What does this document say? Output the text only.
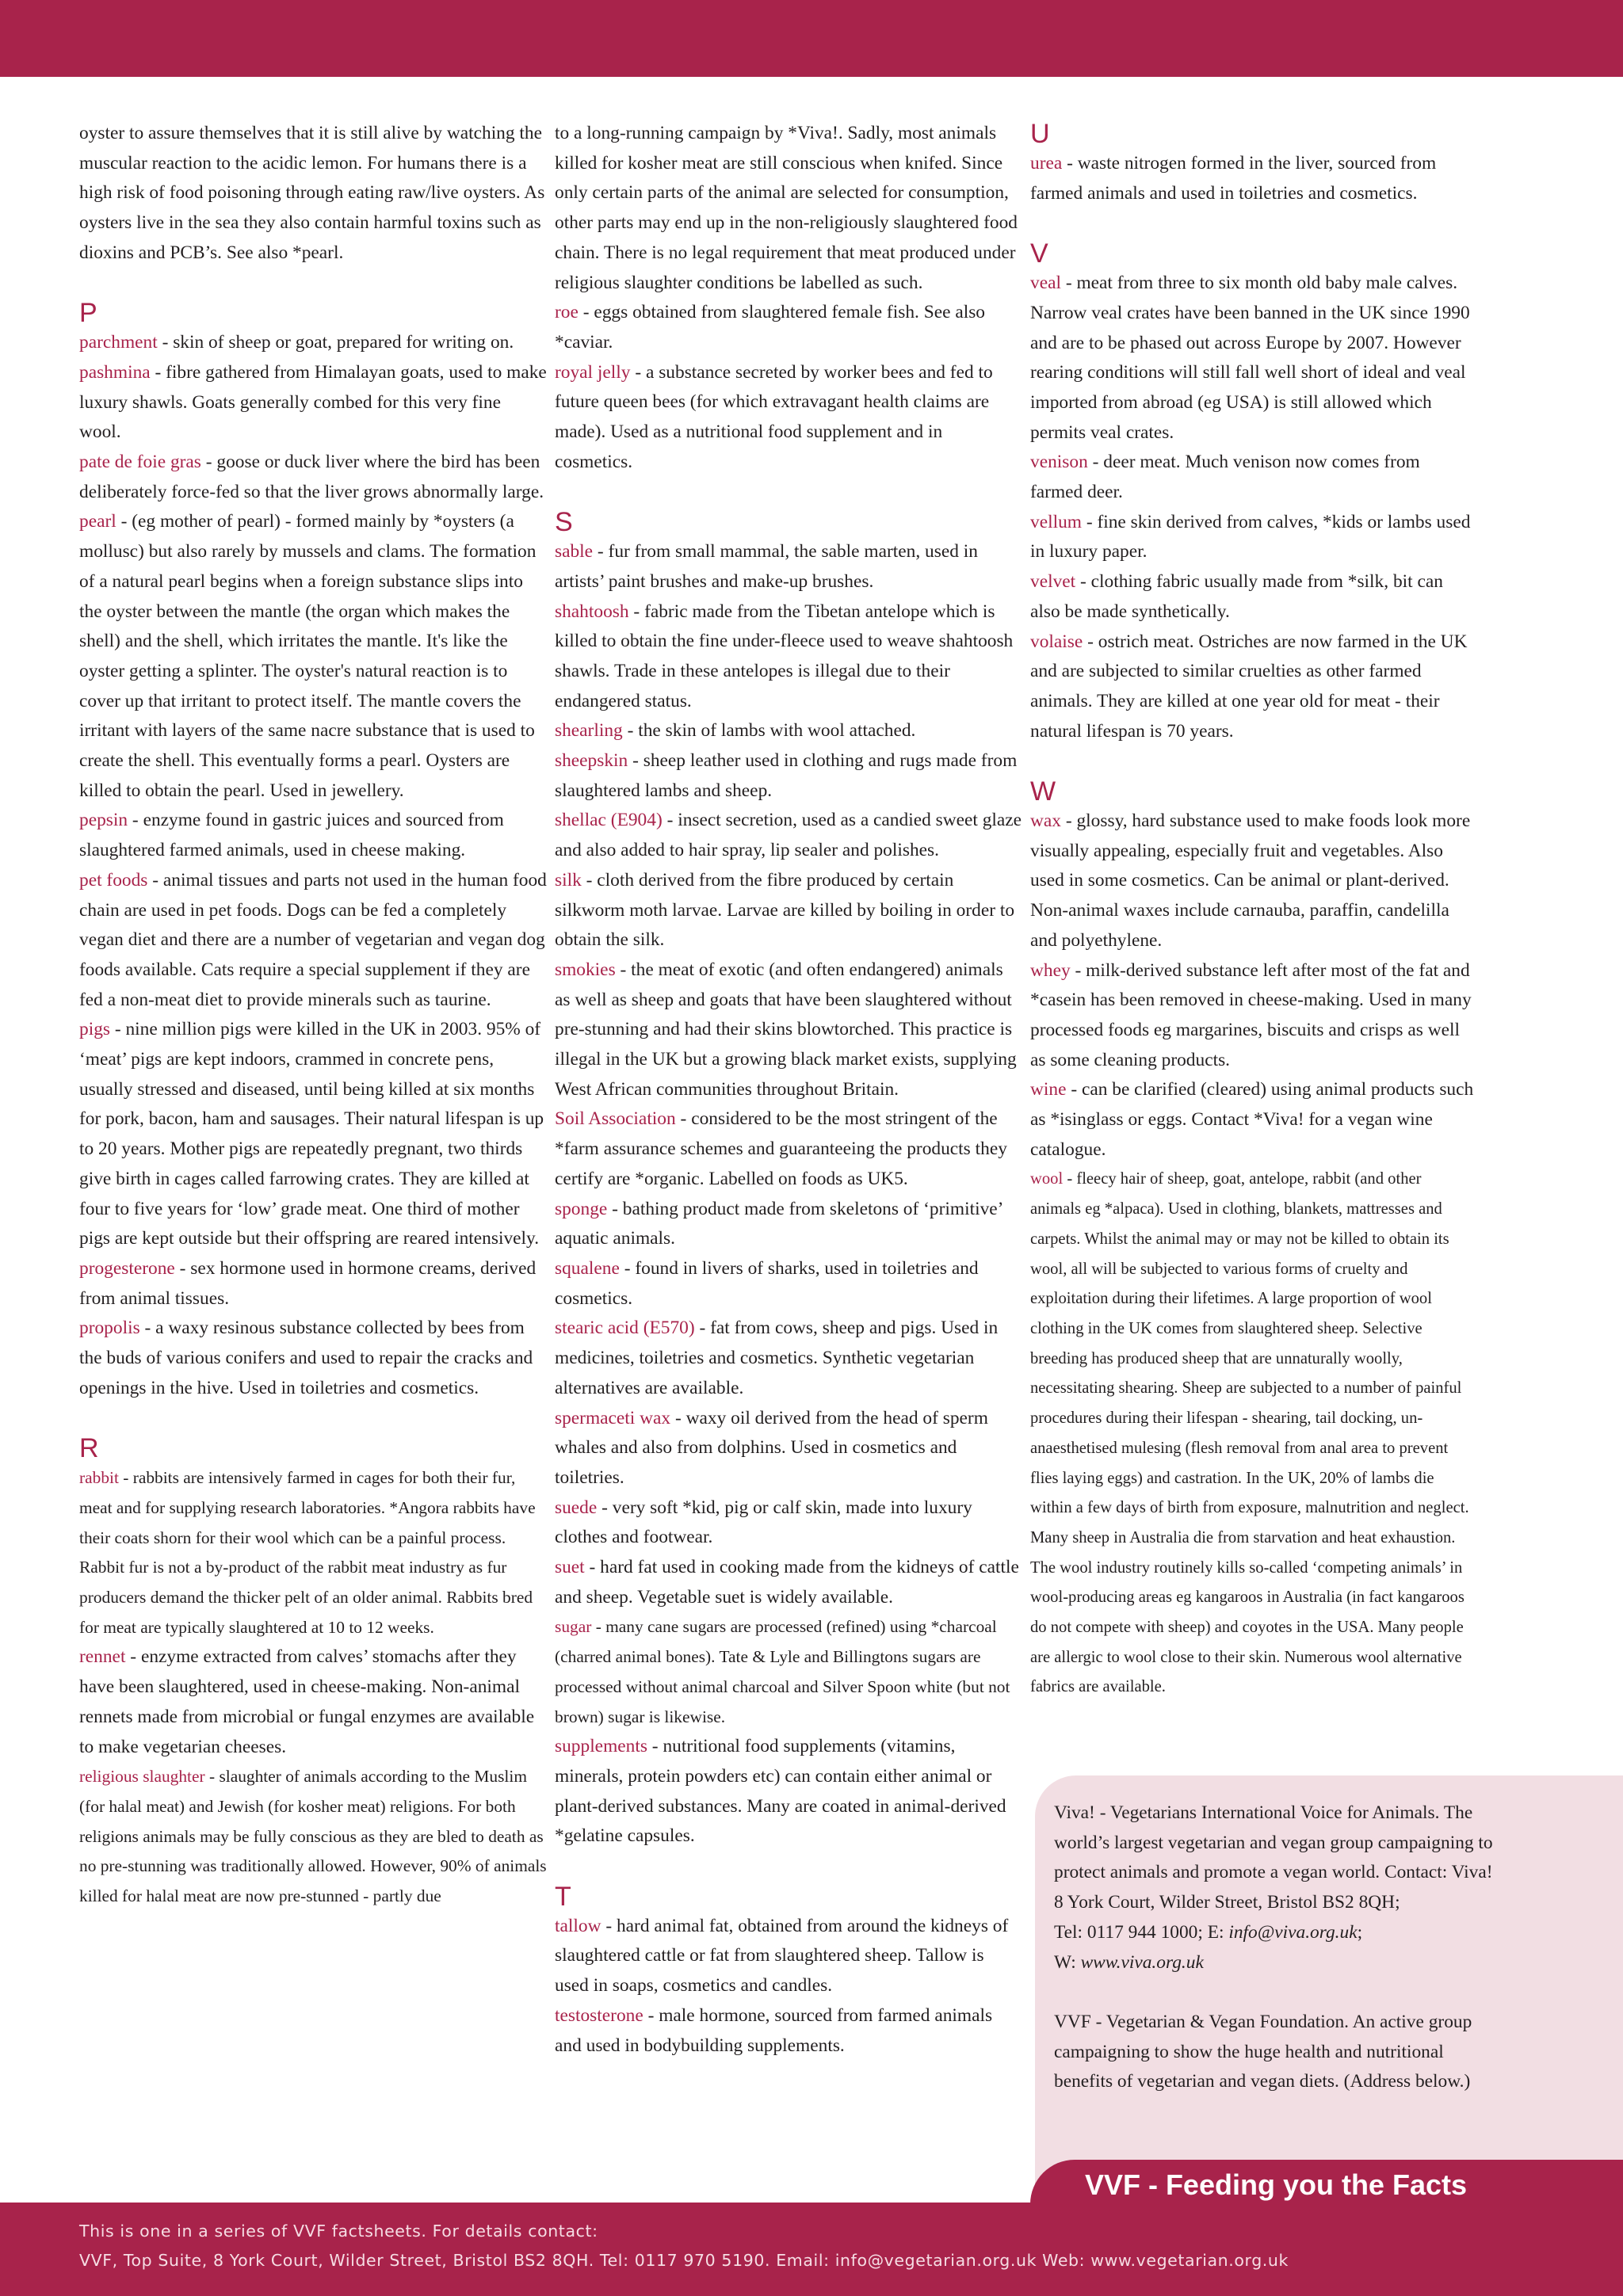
oyster to assure themselves that it is still alive by watching the muscular reaction to the acidic lemon. For humans there is a high risk of food poisoning through eating raw/live oysters. As oysters live in the sea they also contain harmful toxins such as dioxins and PCB’s. See also *pearl.

P

parchment - skin of sheep or goat, prepared for writing on.

pashmina - fibre gathered from Himalayan goats, used to make luxury shawls. Goats generally combed for this very fine wool.

pate de foie gras - goose or duck liver where the bird has been deliberately force-fed so that the liver grows abnormally large.

pearl - (eg mother of pearl) - formed mainly by *oysters (a mollusc) but also rarely by mussels and clams. The formation of a natural pearl begins when a foreign substance slips into the oyster between the mantle (the organ which makes the shell) and the shell, which irritates the mantle. It's like the oyster getting a splinter. The oyster's natural reaction is to cover up that irritant to protect itself. The mantle covers the irritant with layers of the same nacre substance that is used to create the shell. This eventually forms a pearl. Oysters are killed to obtain the pearl. Used in jewellery.

pepsin - enzyme found in gastric juices and sourced from slaughtered farmed animals, used in cheese making.

pet foods - animal tissues and parts not used in the human food chain are used in pet foods. Dogs can be fed a completely vegan diet and there are a number of vegetarian and vegan dog foods available. Cats require a special supplement if they are fed a non-meat diet to provide minerals such as taurine.

pigs - nine million pigs were killed in the UK in 2003. 95% of ‘meat’ pigs are kept indoors, crammed in concrete pens, usually stressed and diseased, until being killed at six months for pork, bacon, ham and sausages. Their natural lifespan is up to 20 years. Mother pigs are repeatedly pregnant, two thirds give birth in cages called farrowing crates. They are killed at four to five years for ‘low’ grade meat. One third of mother pigs are kept outside but their offspring are reared intensively.

progesterone - sex hormone used in hormone creams, derived from animal tissues.

propolis - a waxy resinous substance collected by bees from the buds of various conifers and used to repair the cracks and openings in the hive. Used in toiletries and cosmetics.

R

rabbit - rabbits are intensively farmed in cages for both their fur, meat and for supplying research laboratories. *Angora rabbits have their coats shorn for their wool which can be a painful process. Rabbit fur is not a by-product of the rabbit meat industry as fur producers demand the thicker pelt of an older animal. Rabbits bred for meat are typically slaughtered at 10 to 12 weeks.

rennet - enzyme extracted from calves’ stomachs after they have been slaughtered, used in cheese-making. Non-animal rennets made from microbial or fungal enzymes are available to make vegetarian cheeses.

religious slaughter - slaughter of animals according to the Muslim (for halal meat) and Jewish (for kosher meat) religions. For both religions animals may be fully conscious as they are bled to death as no pre-stunning was traditionally allowed. However, 90% of animals killed for halal meat are now pre-stunned - partly due

to a long-running campaign by *Viva!. Sadly, most animals killed for kosher meat are still conscious when knifed. Since only certain parts of the animal are selected for consumption, other parts may end up in the non-religiously slaughtered food chain. There is no legal requirement that meat produced under religious slaughter conditions be labelled as such.

roe - eggs obtained from slaughtered female fish. See also *caviar.

royal jelly - a substance secreted by worker bees and fed to future queen bees (for which extravagant health claims are made). Used as a nutritional food supplement and in cosmetics.

S

sable - fur from small mammal, the sable marten, used in artists’ paint brushes and make-up brushes.

shahtoosh - fabric made from the Tibetan antelope which is killed to obtain the fine under-fleece used to weave shahtoosh shawls. Trade in these antelopes is illegal due to their endangered status.

shearling - the skin of lambs with wool attached.

sheepskin - sheep leather used in clothing and rugs made from slaughtered lambs and sheep.

shellac (E904) - insect secretion, used as a candied sweet glaze and also added to hair spray, lip sealer and polishes.

silk - cloth derived from the fibre produced by certain silkworm moth larvae. Larvae are killed by boiling in order to obtain the silk.

smokies - the meat of exotic (and often endangered) animals as well as sheep and goats that have been slaughtered without pre-stunning and had their skins blowtorched. This practice is illegal in the UK but a growing black market exists, supplying West African communities throughout Britain.

Soil Association - considered to be the most stringent of the *farm assurance schemes and guaranteeing the products they certify are *organic. Labelled on foods as UK5.

sponge - bathing product made from skeletons of ‘primitive’ aquatic animals.

squalene - found in livers of sharks, used in toiletries and cosmetics.

stearic acid (E570) - fat from cows, sheep and pigs. Used in medicines, toiletries and cosmetics. Synthetic vegetarian alternatives are available.

spermaceti wax - waxy oil derived from the head of sperm whales and also from dolphins. Used in cosmetics and toiletries.

suede - very soft *kid, pig or calf skin, made into luxury clothes and footwear.

suet - hard fat used in cooking made from the kidneys of cattle and sheep. Vegetable suet is widely available.

sugar - many cane sugars are processed (refined) using *charcoal (charred animal bones). Tate & Lyle and Billingtons sugars are processed without animal charcoal and Silver Spoon white (but not brown) sugar is likewise.

supplements - nutritional food supplements (vitamins, minerals, protein powders etc) can contain either animal or plant-derived substances. Many are coated in animal-derived *gelatine capsules.

T

tallow - hard animal fat, obtained from around the kidneys of slaughtered cattle or fat from slaughtered sheep. Tallow is used in soaps, cosmetics and candles.

testosterone - male hormone, sourced from farmed animals and used in bodybuilding supplements.

U

urea - waste nitrogen formed in the liver, sourced from farmed animals and used in toiletries and cosmetics.

V

veal - meat from three to six month old baby male calves. Narrow veal crates have been banned in the UK since 1990 and are to be phased out across Europe by 2007. However rearing conditions will still fall well short of ideal and veal imported from abroad (eg USA) is still allowed which permits veal crates.

venison - deer meat. Much venison now comes from farmed deer.

vellum - fine skin derived from calves, *kids or lambs used in luxury paper.

velvet - clothing fabric usually made from *silk, bit can also be made synthetically.

volaise - ostrich meat. Ostriches are now farmed in the UK and are subjected to similar cruelties as other farmed animals. They are killed at one year old for meat - their natural lifespan is 70 years.

W

wax - glossy, hard substance used to make foods look more visually appealing, especially fruit and vegetables. Also used in some cosmetics. Can be animal or plant-derived. Non-animal waxes include carnauba, paraffin, candelilla and polyethylene.

whey - milk-derived substance left after most of the fat and *casein has been removed in cheese-making. Used in many processed foods eg margarines, biscuits and crisps as well as some cleaning products.

wine - can be clarified (cleared) using animal products such as *isinglass or eggs. Contact *Viva! for a vegan wine catalogue.

wool - fleecy hair of sheep, goat, antelope, rabbit (and other animals eg *alpaca). Used in clothing, blankets, mattresses and carpets. Whilst the animal may or may not be killed to obtain its wool, all will be subjected to various forms of cruelty and exploitation during their lifetimes. A large proportion of wool clothing in the UK comes from slaughtered sheep. Selective breeding has produced sheep that are unnaturally woolly, necessitating shearing. Sheep are subjected to a number of painful procedures during their lifespan - shearing, tail docking, un-anaesthetised mulesing (flesh removal from anal area to prevent flies laying eggs) and castration. In the UK, 20% of lambs die within a few days of birth from exposure, malnutrition and neglect. Many sheep in Australia die from starvation and heat exhaustion. The wool industry routinely kills so-called ‘competing animals’ in wool-producing areas eg kangaroos in Australia (in fact kangaroos do not compete with sheep) and coyotes in the USA. Many people are allergic to wool close to their skin. Numerous wool alternative fabrics are available.

Viva! - Vegetarians International Voice for Animals. The world’s largest vegetarian and vegan group campaigning to protect animals and promote a vegan world. Contact: Viva!

8 York Court, Wilder Street, Bristol BS2 8QH;

Tel: 0117 944 1000; E: info@viva.org.uk;

W: www.viva.org.uk

VVF - Vegetarian & Vegan Foundation. An active group campaigning to show the huge health and nutritional benefits of vegetarian and vegan diets. (Address below.)

VVF - Feeding you the Facts
This is one in a series of VVF factsheets. For details contact:
VVF, Top Suite, 8 York Court, Wilder Street, Bristol BS2 8QH. Tel: 0117 970 5190. Email: info@vegetarian.org.uk Web: www.vegetarian.org.uk
